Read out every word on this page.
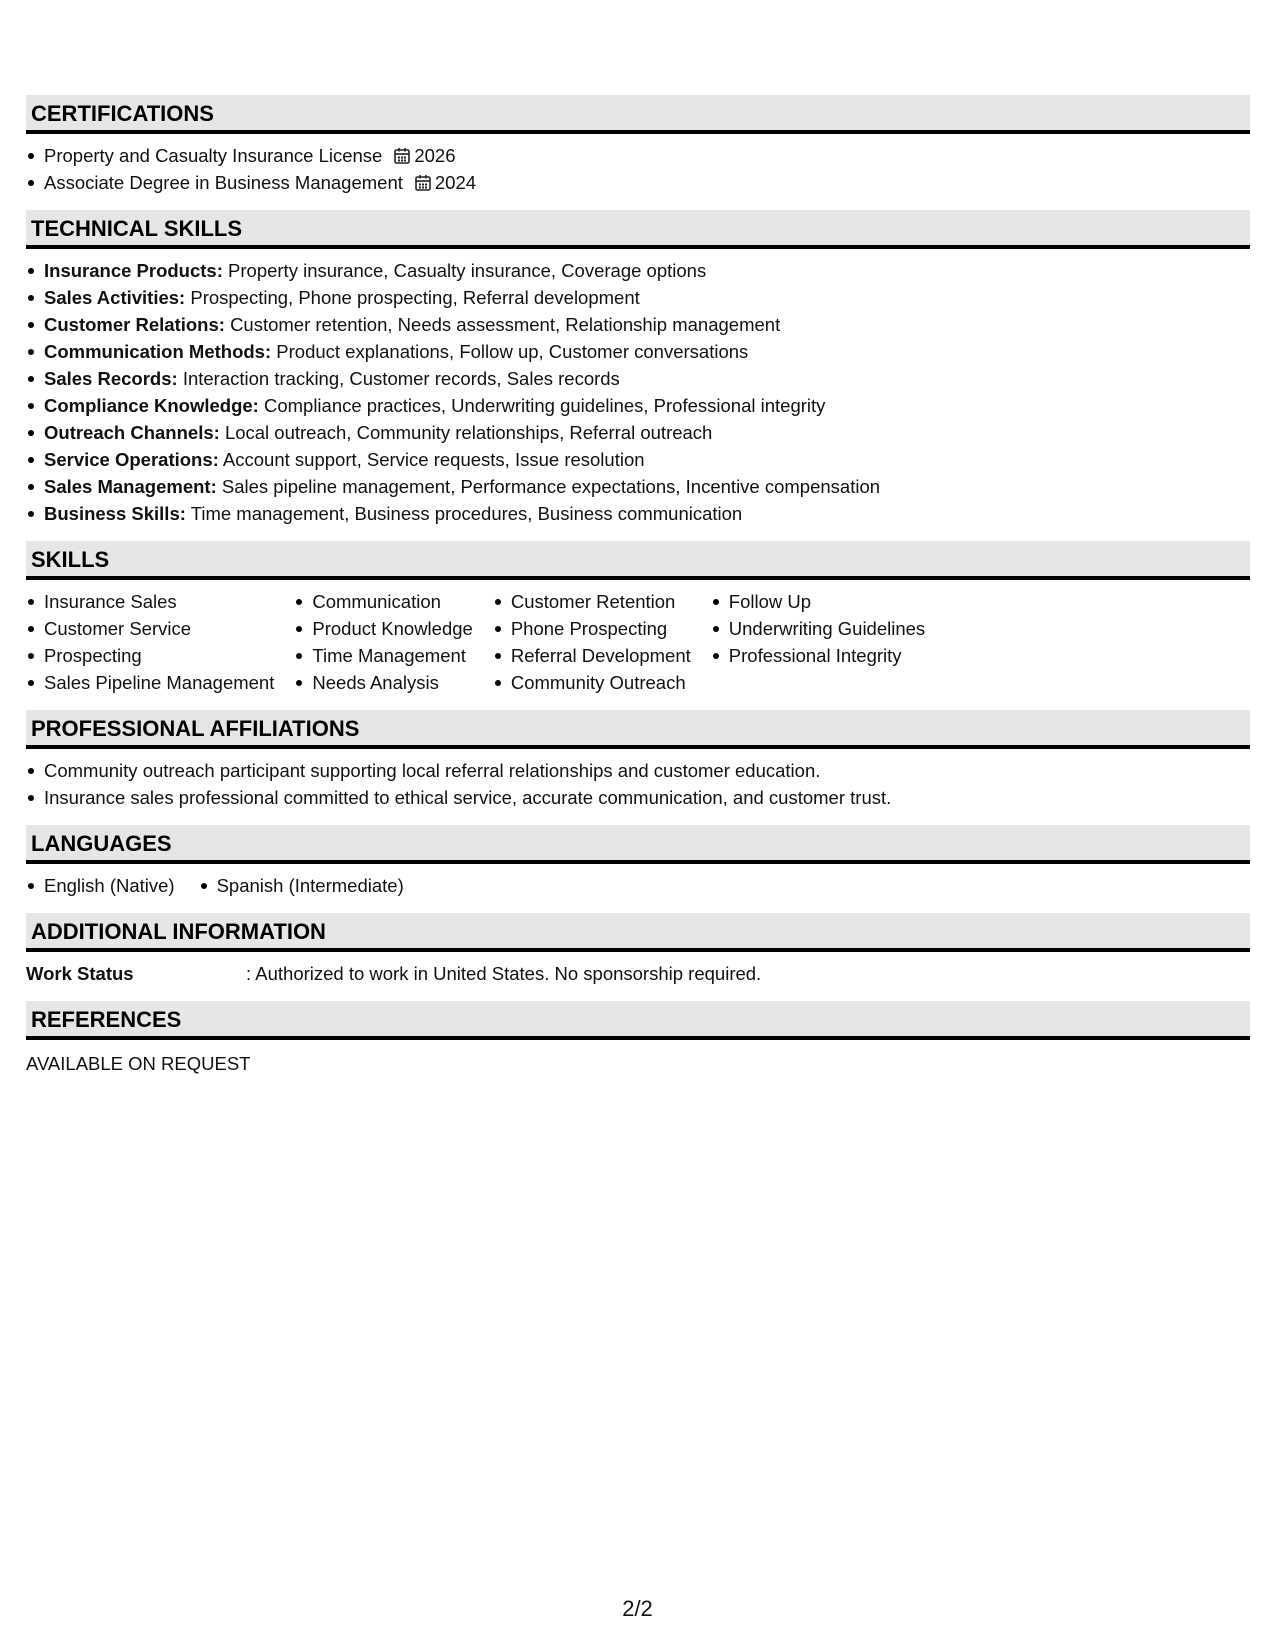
CERTIFICATIONS
Property and Casualty Insurance License 2026
Associate Degree in Business Management 2024
TECHNICAL SKILLS
Insurance Products: Property insurance, Casualty insurance, Coverage options
Sales Activities: Prospecting, Phone prospecting, Referral development
Customer Relations: Customer retention, Needs assessment, Relationship management
Communication Methods: Product explanations, Follow up, Customer conversations
Sales Records: Interaction tracking, Customer records, Sales records
Compliance Knowledge: Compliance practices, Underwriting guidelines, Professional integrity
Outreach Channels: Local outreach, Community relationships, Referral outreach
Service Operations: Account support, Service requests, Issue resolution
Sales Management: Sales pipeline management, Performance expectations, Incentive compensation
Business Skills: Time management, Business procedures, Business communication
SKILLS
Insurance Sales
Customer Service
Prospecting
Sales Pipeline Management
Communication
Product Knowledge
Time Management
Needs Analysis
Customer Retention
Phone Prospecting
Referral Development
Community Outreach
Follow Up
Underwriting Guidelines
Professional Integrity
PROFESSIONAL AFFILIATIONS
Community outreach participant supporting local referral relationships and customer education.
Insurance sales professional committed to ethical service, accurate communication, and customer trust.
LANGUAGES
English (Native)	Spanish (Intermediate)
ADDITIONAL INFORMATION
Work Status	: Authorized to work in United States. No sponsorship required.
REFERENCES
AVAILABLE ON REQUEST
2/2
